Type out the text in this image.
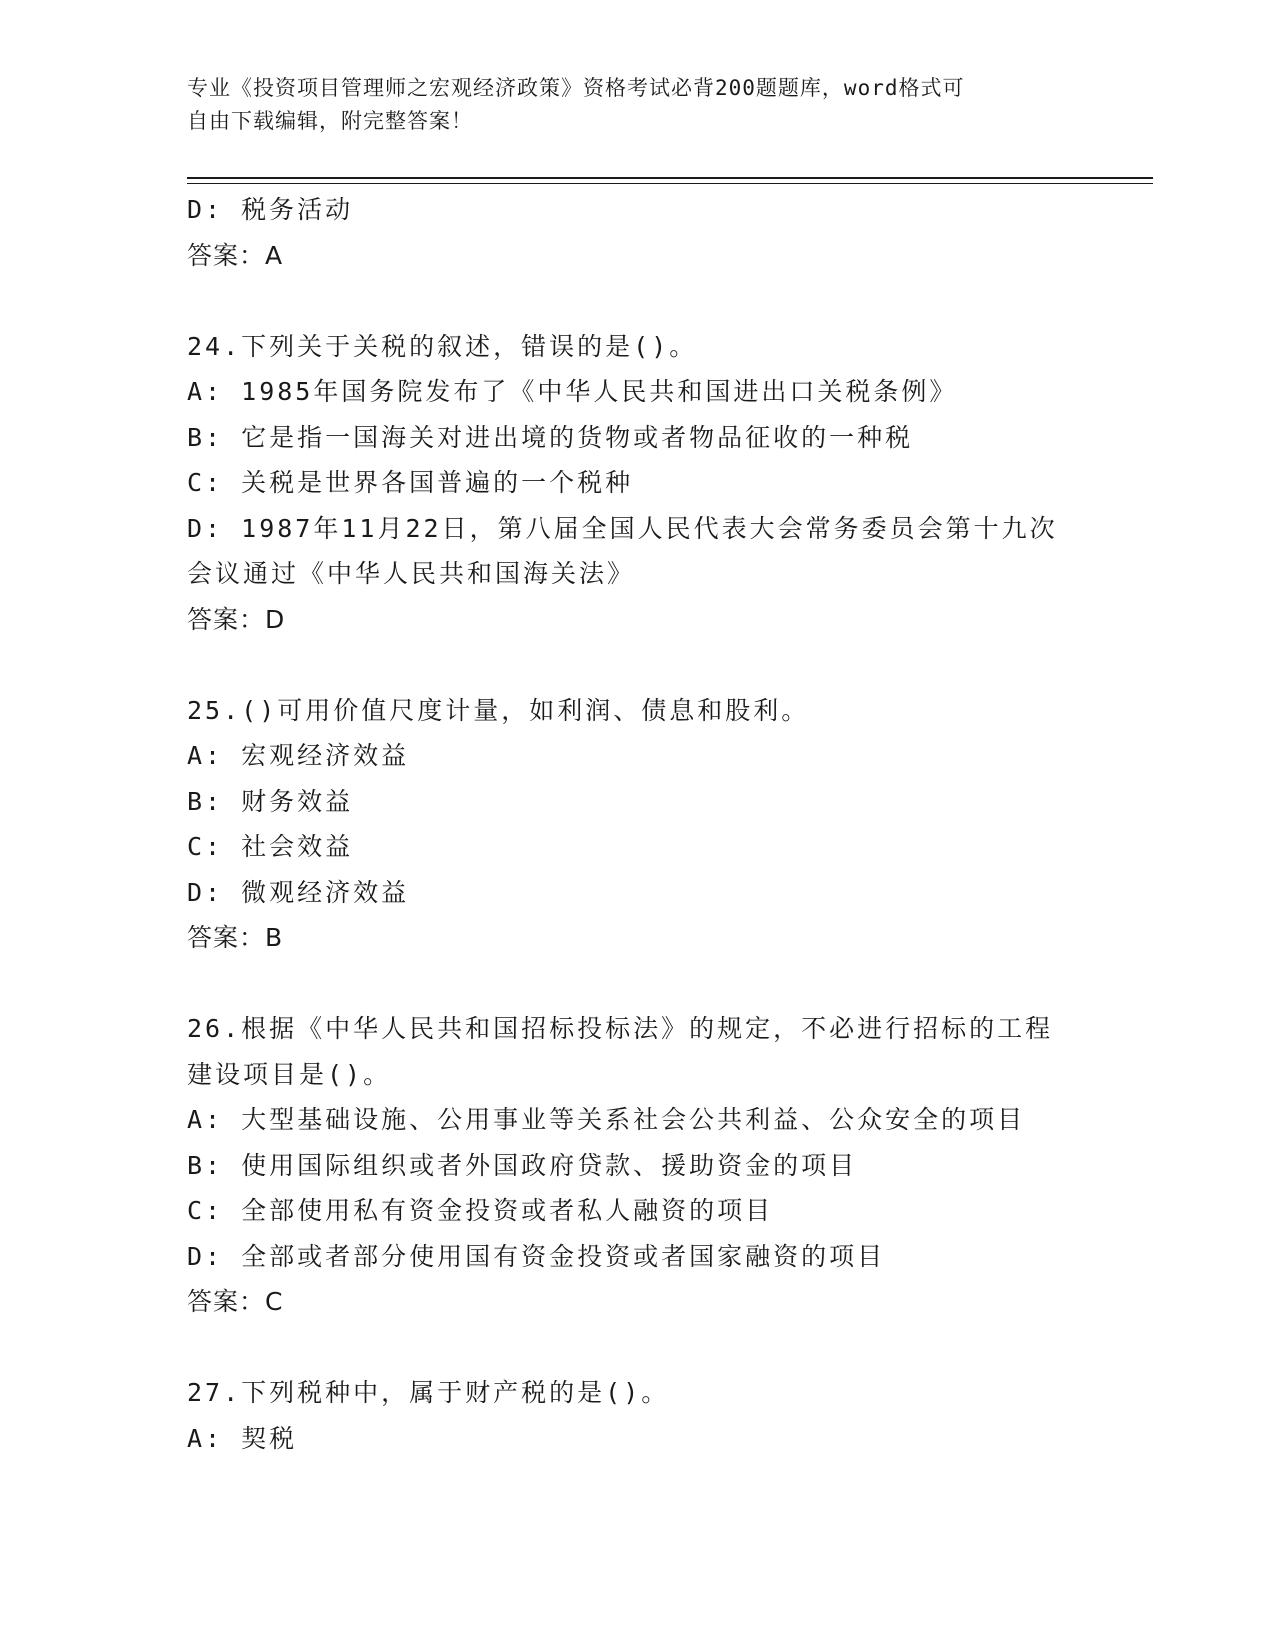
专业《投资项目管理师之宏观经济政策》资格考试必背200题题库，word格式可
自由下载编辑，附完整答案！
D: 税务活动
答案：A
24.下列关于关税的叙述，错误的是()。
A: 1985年国务院发布了《中华人民共和国进出口关税条例》
B: 它是指一国海关对进出境的货物或者物品征收的一种税
C: 关税是世界各国普遍的一个税种
D: 1987年11月22日，第八届全国人民代表大会常务委员会第十九次
会议通过《中华人民共和国海关法》
答案：D
25.()可用价值尺度计量，如利润、债息和股利。
A: 宏观经济效益
B: 财务效益
C: 社会效益
D: 微观经济效益
答案：B
26.根据《中华人民共和国招标投标法》的规定，不必进行招标的工程
建设项目是()。
A: 大型基础设施、公用事业等关系社会公共利益、公众安全的项目
B: 使用国际组织或者外国政府贷款、援助资金的项目
C: 全部使用私有资金投资或者私人融资的项目
D: 全部或者部分使用国有资金投资或者国家融资的项目
答案：C
27.下列税种中，属于财产税的是()。
A: 契税
